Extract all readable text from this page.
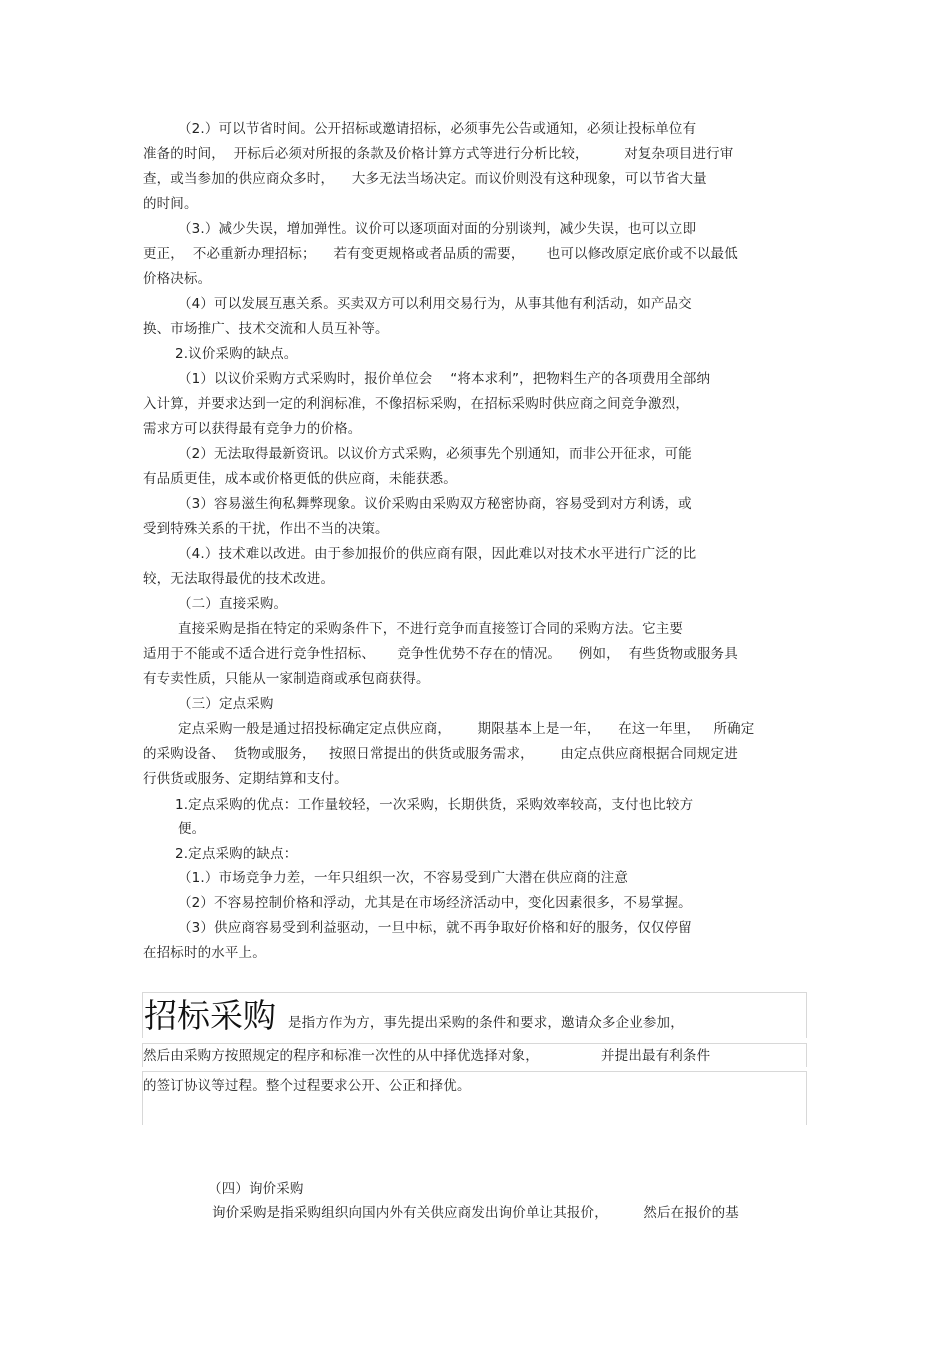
（2.）可以节省时间。公开招标或邀请招标，必须事先公告或通知，必须让投标单位有
准备的时间，  开标后必须对所报的条款及价格计算方式等进行分析比较，        对复杂项目进行审
查，或当参加的供应商众多时，    大多无法当场决定。而议价则没有这种现象，可以节省大量
的时间。
（3.）减少失误，增加弹性。议价可以逐项面对面的分别谈判，减少失误，也可以立即
更正，  不必重新办理招标；    若有变更规格或者品质的需要，     也可以修改原定底价或不以最低
价格决标。
（4）可以发展互惠关系。买卖双方可以利用交易行为，从事其他有利活动，如产品交
换、市场推广、技术交流和人员互补等。
2.议价采购的缺点。
（1）以议价采购方式采购时，报价单位会    “将本求利”，把物料生产的各项费用全部纳
入计算，并要求达到一定的利润标准，不像招标采购，在招标采购时供应商之间竞争激烈，
需求方可以获得最有竞争力的价格。
（2）无法取得最新资讯。以议价方式采购，必须事先个别通知，而非公开征求，可能
有品质更佳，成本或价格更低的供应商，未能获悉。
（3）容易滋生徇私舞弊现象。议价采购由采购双方秘密协商，容易受到对方利诱，或
受到特殊关系的干扰，作出不当的决策。
（4.）技术难以改进。由于参加报价的供应商有限，因此难以对技术水平进行广泛的比
较，无法取得最优的技术改进。
（二）直接采购。
直接采购是指在特定的采购条件下，不进行竞争而直接签订合同的采购方法。它主要
适用于不能或不适合进行竞争性招标、     竞争性优势不存在的情况。    例如，  有些货物或服务具
有专卖性质，只能从一家制造商或承包商获得。
（三）定点采购
定点采购一般是通过招投标确定定点供应商，      期限基本上是一年，    在这一年里，   所确定
的采购设备、  货物或服务，   按照日常提出的供货或服务需求，      由定点供应商根据合同规定进
行供货或服务、定期结算和支付。
1.定点采购的优点：工作量较轻，一次采购，长期供货，采购效率较高，支付也比较方
便。
2.定点采购的缺点：
（1.）市场竞争力差，一年只组织一次，不容易受到广大潜在供应商的注意
（2）不容易控制价格和浮动，尤其是在市场经济活动中，变化因素很多，不易掌握。
（3）供应商容易受到利益驱动，一旦中标，就不再争取好价格和好的服务，仅仅停留
在招标时的水平上。
招标采购 是指方作为方，事先提出采购的条件和要求，邀请众多企业参加，
然后由采购方按照规定的程序和标准一次性的从中择优选择对象，              并提出最有利条件
的签订协议等过程。整个过程要求公开、公正和择优。
（四）询价采购
询价采购是指采购组织向国内外有关供应商发出询价单让其报价，        然后在报价的基
